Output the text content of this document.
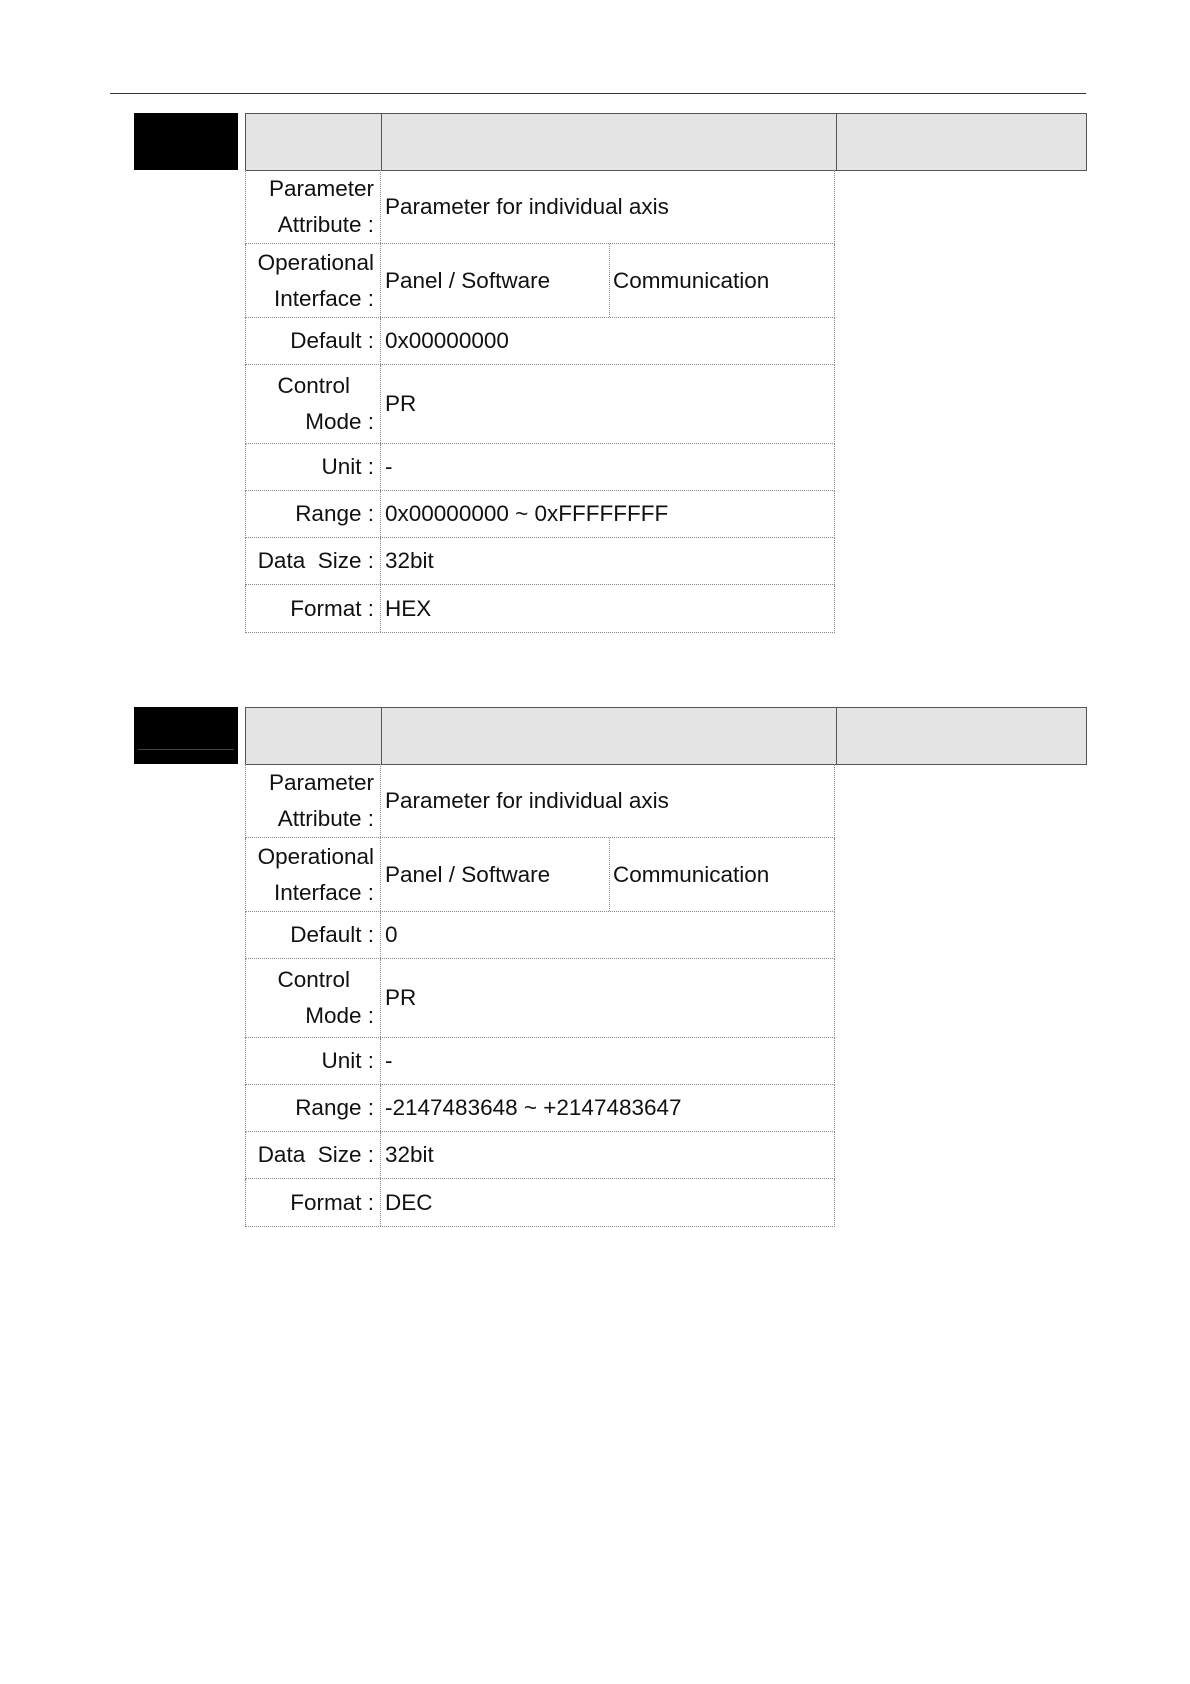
Parameter
Attribute :
Parameter for individual axis
Operational
Interface :
Panel / Software	Communication
Default : 0x00000000
Control
Mode :
PR
Unit : -
Range : 0x00000000 ~ 0xFFFFFFFF
Data  Size : 32bit
Format : HEX
Parameter
Attribute :
Parameter for individual axis
Operational
Interface :
Panel / Software	Communication
Default : 0
Control
Mode :
PR
Unit : -
Range : -2147483648 ~ +2147483647
Data  Size : 32bit
Format : DEC
